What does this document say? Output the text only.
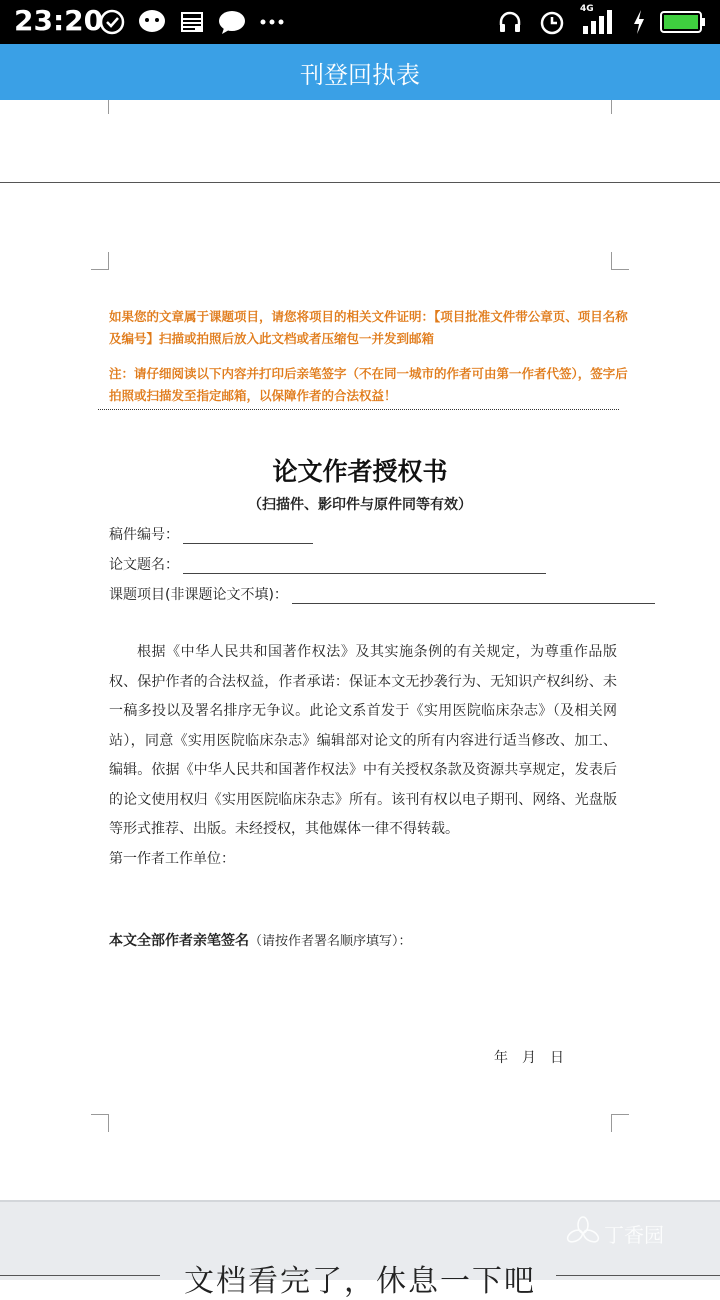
23:20	4G
刊登回执表
如果您的文章属于课题项目，请您将项目的相关文件证明：【项目批准文件带公章页、项目名称及编号】扫描或拍照后放入此文档或者压缩包一并发到邮箱
注：请仔细阅读以下内容并打印后亲笔签字（不在同一城市的作者可由第一作者代签），签字后拍照或扫描发至指定邮箱，以保障作者的合法权益！
论文作者授权书
（扫描件、影印件与原件同等有效）
稿件编号：
论文题名：
课题项目(非课题论文不填)：

根据《中华人民共和国著作权法》及其实施条例的有关规定，为尊重作品版权、保护作者的合法权益，作者承诺：保证本文无抄袭行为、无知识产权纠纷、未一稿多投以及署名排序无争议。此论文系首发于《实用医院临床杂志》（及相关网站），同意《实用医院临床杂志》编辑部对论文的所有内容进行适当修改、加工、编辑。依据《中华人民共和国著作权法》中有关授权条款及资源共享规定，发表后的论文使用权归《实用医院临床杂志》所有。该刊有权以电子期刊、网络、光盘版等形式推荐、出版。未经授权，其他媒体一律不得转载。

第一作者工作单位：
本文全部作者亲笔签名（请按作者署名顺序填写）：
年　月　日
文档看完了，休息一下吧
丁香园
